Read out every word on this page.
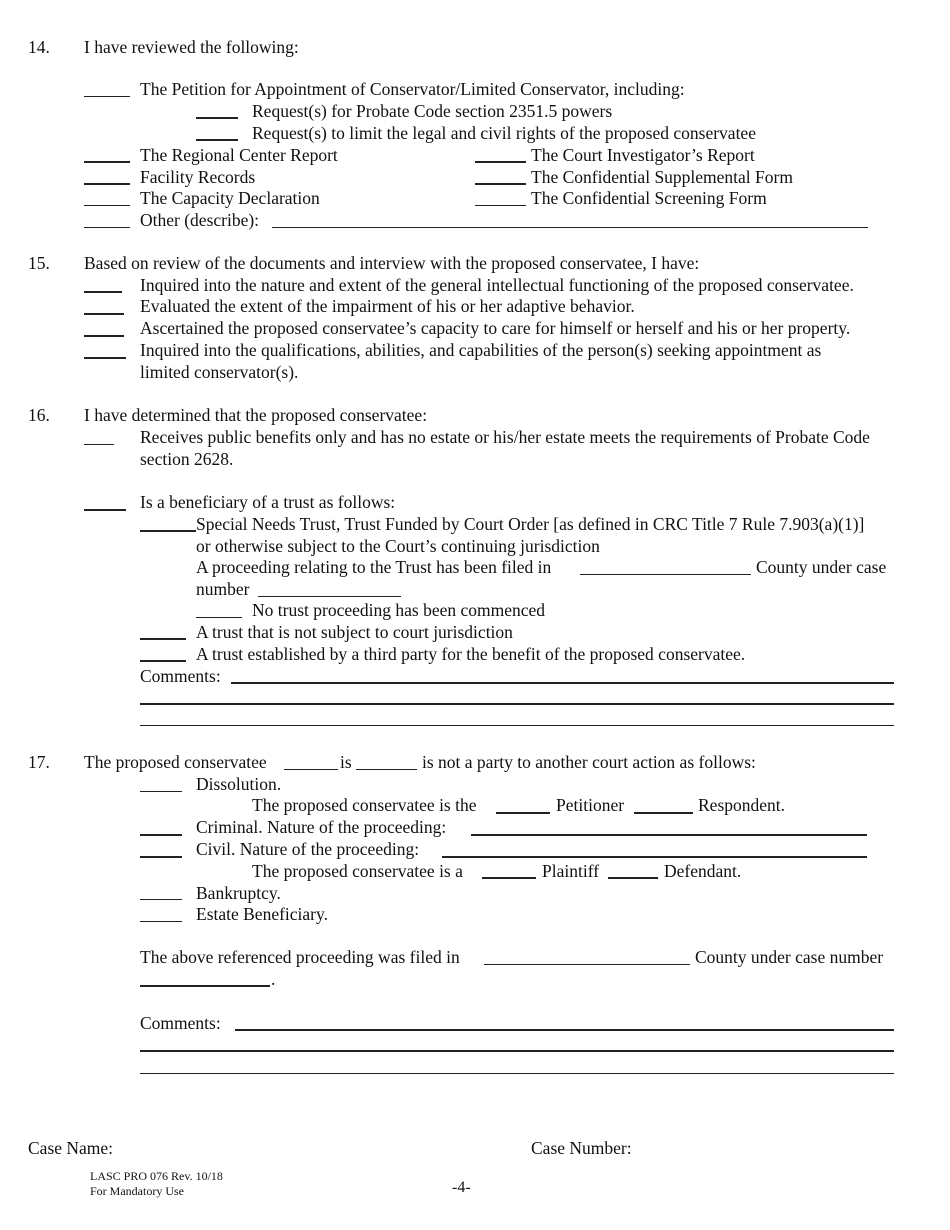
14. I have reviewed the following:
The Petition for Appointment of Conservator/Limited Conservator, including:
Request(s) for Probate Code section 2351.5 powers
Request(s) to limit the legal and civil rights of the proposed conservatee
The Regional Center Report	The Court Investigator’s Report
Facility Records	The Confidential Supplemental Form
The Capacity Declaration	The Confidential Screening Form
Other (describe):
15. Based on review of the documents and interview with the proposed conservatee, I have:
Inquired into the nature and extent of the general intellectual functioning of the proposed conservatee.
Evaluated the extent of the impairment of his or her adaptive behavior.
Ascertained the proposed conservatee’s capacity to care for himself or herself and his or her property.
Inquired into the qualifications, abilities, and capabilities of the person(s) seeking appointment as
limited conservator(s).
16. I have determined that the proposed conservatee:
Receives public benefits only and has no estate or his/her estate meets the requirements of Probate Code
section 2628.
Is a beneficiary of a trust as follows:
Special Needs Trust, Trust Funded by Court Order [as defined in CRC Title 7 Rule 7.903(a)(1)]
or otherwise subject to the Court’s continuing jurisdiction
A proceeding relating to the Trust has been filed in	County under case
number
No trust proceeding has been commenced
A trust that is not subject to court jurisdiction
A trust established by a third party for the benefit of the proposed conservatee.
Comments:
17. The proposed conservatee	is	is not a party to another court action as follows:
Dissolution.
The proposed conservatee is the	Petitioner	Respondent.
Criminal. Nature of the proceeding:
Civil. Nature of the proceeding:
The proposed conservatee is a	Plaintiff	Defendant.
Bankruptcy.
Estate Beneficiary.
The above referenced proceeding was filed in	County under case number
.
Comments:
Case Name:	Case Number:
LASC PRO 076 Rev. 10/18
For Mandatory Use	-4-
